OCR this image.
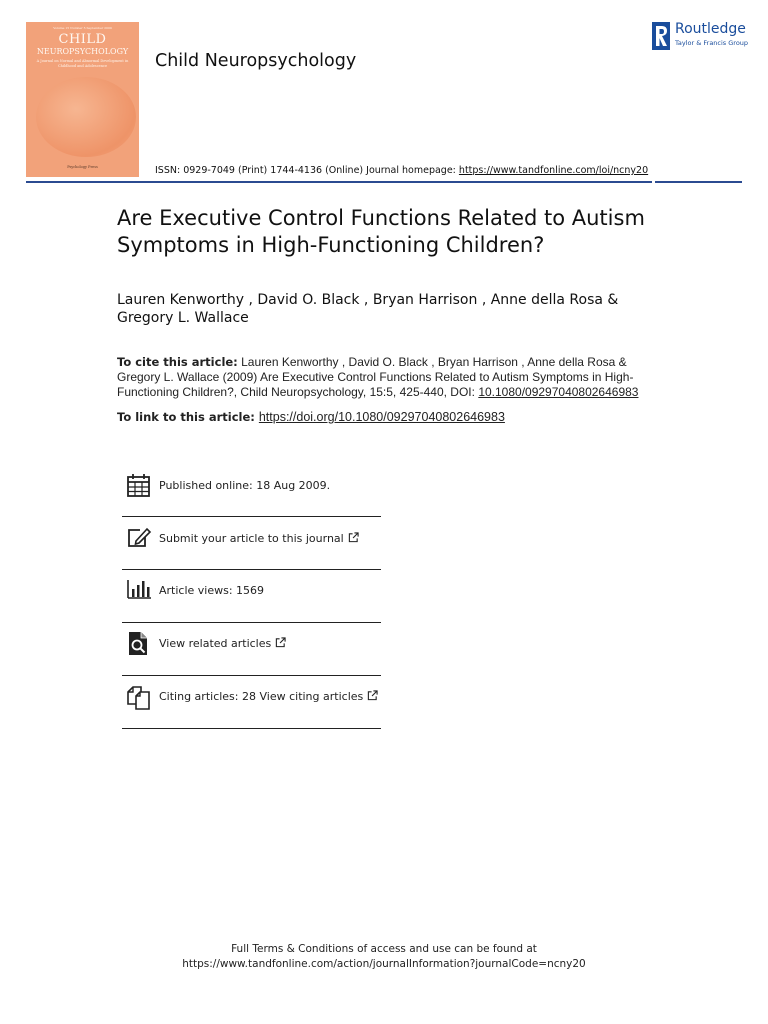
Volume 15 Number 5 September 2009
CHILD
NEUROPSYCHOLOGY
A Journal on Normal and Abnormal Development in Childhood and Adolescence
Psychology Press
Child Neuropsychology
Routledge
Taylor & Francis Group
ISSN: 0929-7049 (Print) 1744-4136 (Online) Journal homepage: https://www.tandfonline.com/loi/ncny20
Are Executive Control Functions Related to Autism Symptoms in High-Functioning Children?
Lauren Kenworthy , David O. Black , Bryan Harrison , Anne della Rosa & Gregory L. Wallace
To cite this article: Lauren Kenworthy , David O. Black , Bryan Harrison , Anne della Rosa & Gregory L. Wallace (2009) Are Executive Control Functions Related to Autism Symptoms in High-Functioning Children?, Child Neuropsychology, 15:5, 425-440, DOI: 10.1080/09297040802646983
To link to this article: https://doi.org/10.1080/09297040802646983
Published online: 18 Aug 2009.
Submit your article to this journal
Article views: 1569
View related articles
Citing articles: 28 View citing articles
Full Terms & Conditions of access and use can be found at
https://www.tandfonline.com/action/journalInformation?journalCode=ncny20
